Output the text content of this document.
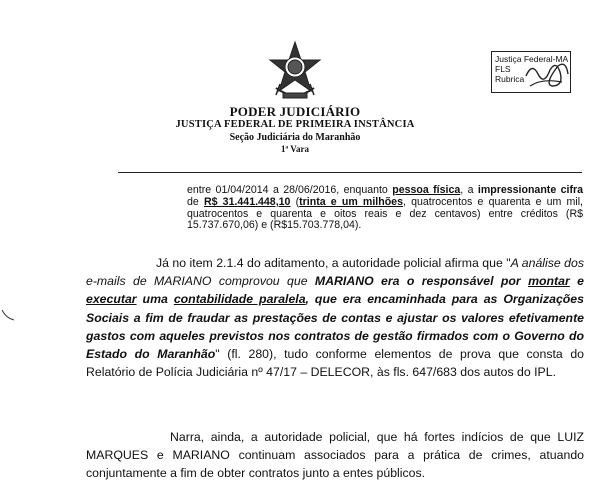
PODER JUDICIÁRIO
JUSTIÇA FEDERAL DE PRIMEIRA INSTÂNCIA
Seção Judiciária do Maranhão
1ª Vara
Justiça Federal-MA
FLS
Rubrica
entre 01/04/2014 a 28/06/2016, enquanto pessoa física, a impressionante cifra de R$ 31.441.448,10 (trinta e um milhões, quatrocentos e quarenta e um mil, quatrocentos e quarenta e oitos reais e dez centavos) entre créditos (R$ 15.737.670,06) e (R$15.703.778,04).
Já no item 2.1.4 do aditamento, a autoridade policial afirma que "A análise dos e-mails de MARIANO comprovou que MARIANO era o responsável por montar e executar uma contabilidade paralela, que era encaminhada para as Organizações Sociais a fim de fraudar as prestações de contas e ajustar os valores efetivamente gastos com aqueles previstos nos contratos de gestão firmados com o Governo do Estado do Maranhão" (fl. 280), tudo conforme elementos de prova que consta do Relatório de Polícia Judiciária nº 47/17 – DELECOR, às fls. 647/683 dos autos do IPL.
Narra, ainda, a autoridade policial, que há fortes indícios de que LUIZ MARQUES e MARIANO continuam associados para a prática de crimes, atuando conjuntamente a fim de obter contratos junto a entes públicos.
